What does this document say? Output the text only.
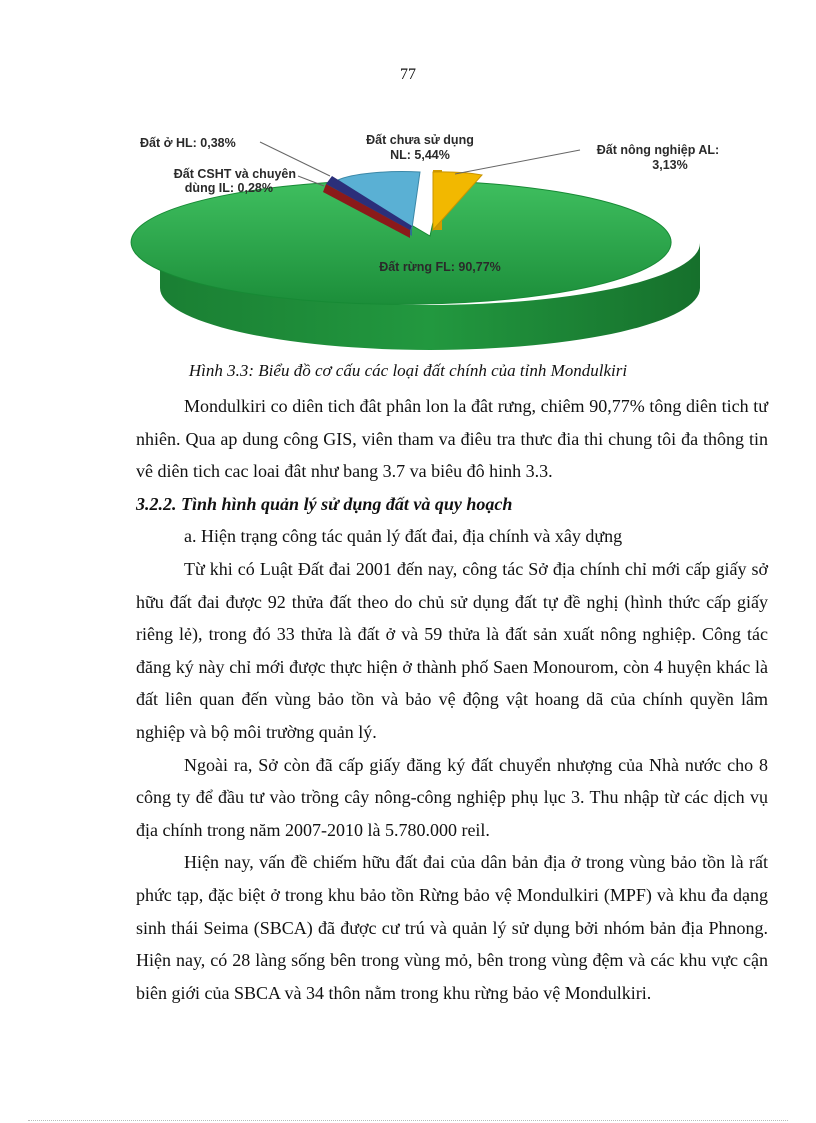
77
Đất ở HL: 0,38%
Đất CSHT và chuyên
dùng IL: 0,28%
Đất chưa sử dụng
NL: 5,44%	Đất nông nghiệp AL:
3,13%
Đất rừng FL: 90,77%
Hình 3.3: Biểu đồ cơ cấu các loại đất chính của tỉnh Mondulkiri

Mondulkiri co diên tich đât phân lon la đât rưng, chiêm 90,77% tông diên tich tư nhiên. Qua ap dung công GIS, viên tham va điêu tra thưc đia thi chung tôi đa thông tin vê diên tich cac loai đât như bang 3.7 va biêu đô hinh 3.3.

3.2.2. Tình hình quản lý sử dụng đất và quy hoạch

a. Hiện trạng công tác quản lý đất đai, địa chính và xây dựng

Từ khi có Luật Đất đai 2001 đến nay, công tác Sở địa chính chỉ mới cấp giấy sở hữu đất đai được 92 thửa đất theo do chủ sử dụng đất tự đề nghị (hình thức cấp giấy riêng lẻ), trong đó 33 thửa là đất ở và 59 thửa là đất sản xuất nông nghiệp. Công tác đăng ký này chỉ mới được thực hiện ở thành phố Saen Monourom, còn 4 huyện khác là đất liên quan đến vùng bảo tồn và bảo vệ động vật hoang dã của chính quyền lâm nghiệp và bộ môi trường quản lý.

Ngoài ra, Sở còn đã cấp giấy đăng ký đất chuyển nhượng của Nhà nước cho 8 công ty để đầu tư vào trồng cây nông-công nghiệp phụ lục 3. Thu nhập từ các dịch vụ địa chính trong năm 2007-2010 là 5.780.000 reil.

Hiện nay, vấn đề chiếm hữu đất đai của dân bản địa ở trong vùng bảo tồn là rất phức tạp, đặc biệt ở trong khu bảo tồn Rừng bảo vệ Mondulkiri (MPF) và khu đa dạng sinh thái Seima (SBCA) đã được cư trú và quản lý sử dụng bởi nhóm bản địa Phnong. Hiện nay, có 28 làng sống bên trong vùng mỏ, bên trong vùng đệm và các khu vực cận biên giới của SBCA và 34 thôn nằm trong khu rừng bảo vệ Mondulkiri.
